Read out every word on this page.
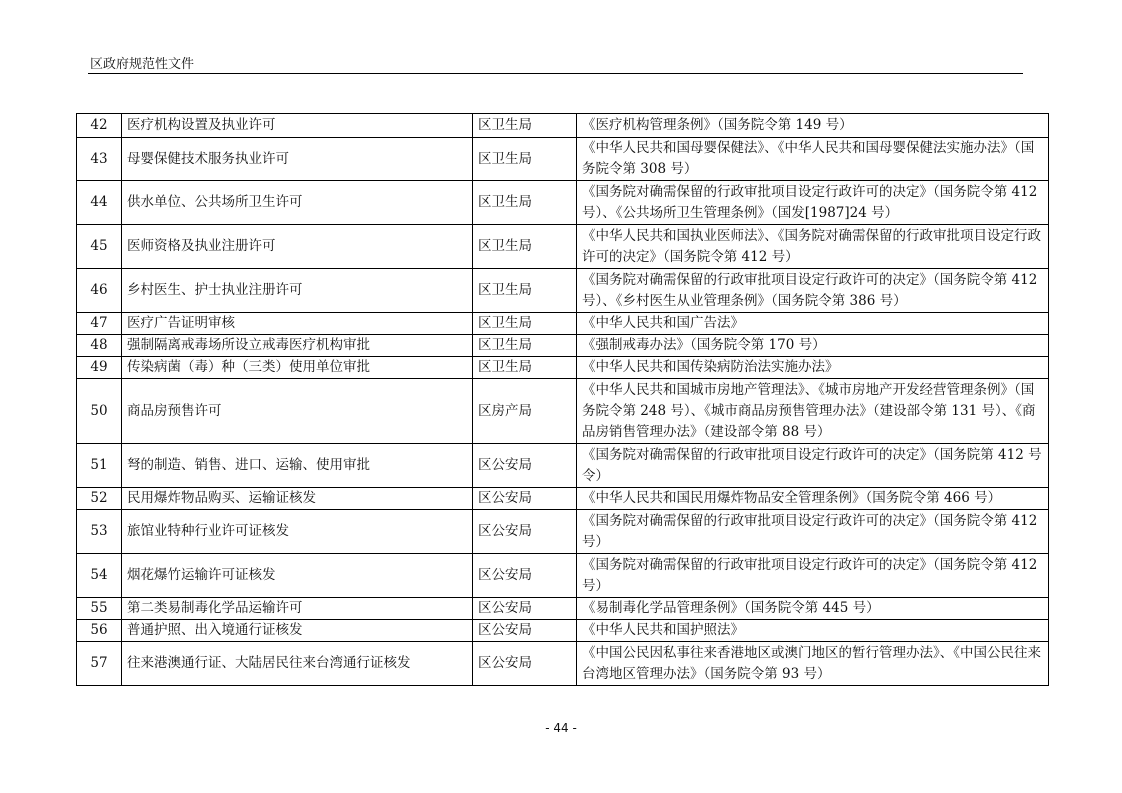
区政府规范性文件
42	医疗机构设置及执业许可	区卫生局	《医疗机构管理条例》（国务院令第 149 号）
43	母婴保健技术服务执业许可	区卫生局	《中华人民共和国母婴保健法》、《中华人民共和国母婴保健法实施办法》（国务院令第 308 号）
44	供水单位、公共场所卫生许可	区卫生局	《国务院对确需保留的行政审批项目设定行政许可的决定》（国务院令第 412 号）、《公共场所卫生管理条例》（国发[1987]24 号）
45	医师资格及执业注册许可	区卫生局	《中华人民共和国执业医师法》、《国务院对确需保留的行政审批项目设定行政许可的决定》（国务院令第 412 号）
46	乡村医生、护士执业注册许可	区卫生局	《国务院对确需保留的行政审批项目设定行政许可的决定》（国务院令第 412 号）、《乡村医生从业管理条例》（国务院令第 386 号）
47	医疗广告证明审核	区卫生局	《中华人民共和国广告法》
48	强制隔离戒毒场所设立戒毒医疗机构审批	区卫生局	《强制戒毒办法》（国务院令第 170 号）
49	传染病菌（毒）种（三类）使用单位审批	区卫生局	《中华人民共和国传染病防治法实施办法》
50	商品房预售许可	区房产局	《中华人民共和国城市房地产管理法》、《城市房地产开发经营管理条例》（国务院令第 248 号）、《城市商品房预售管理办法》（建设部令第 131 号）、《商品房销售管理办法》（建设部令第 88 号）
51	弩的制造、销售、进口、运输、使用审批	区公安局	《国务院对确需保留的行政审批项目设定行政许可的决定》（国务院第 412 号令）
52	民用爆炸物品购买、运输证核发	区公安局	《中华人民共和国民用爆炸物品安全管理条例》（国务院令第 466 号）
53	旅馆业特种行业许可证核发	区公安局	《国务院对确需保留的行政审批项目设定行政许可的决定》（国务院令第 412 号）
54	烟花爆竹运输许可证核发	区公安局	《国务院对确需保留的行政审批项目设定行政许可的决定》（国务院令第 412 号）
55	第二类易制毒化学品运输许可	区公安局	《易制毒化学品管理条例》（国务院令第 445 号）
56	普通护照、出入境通行证核发	区公安局	《中华人民共和国护照法》
57	往来港澳通行证、大陆居民往来台湾通行证核发	区公安局	《中国公民因私事往来香港地区或澳门地区的暂行管理办法》、《中国公民往来台湾地区管理办法》（国务院令第 93 号）
- 44 -
